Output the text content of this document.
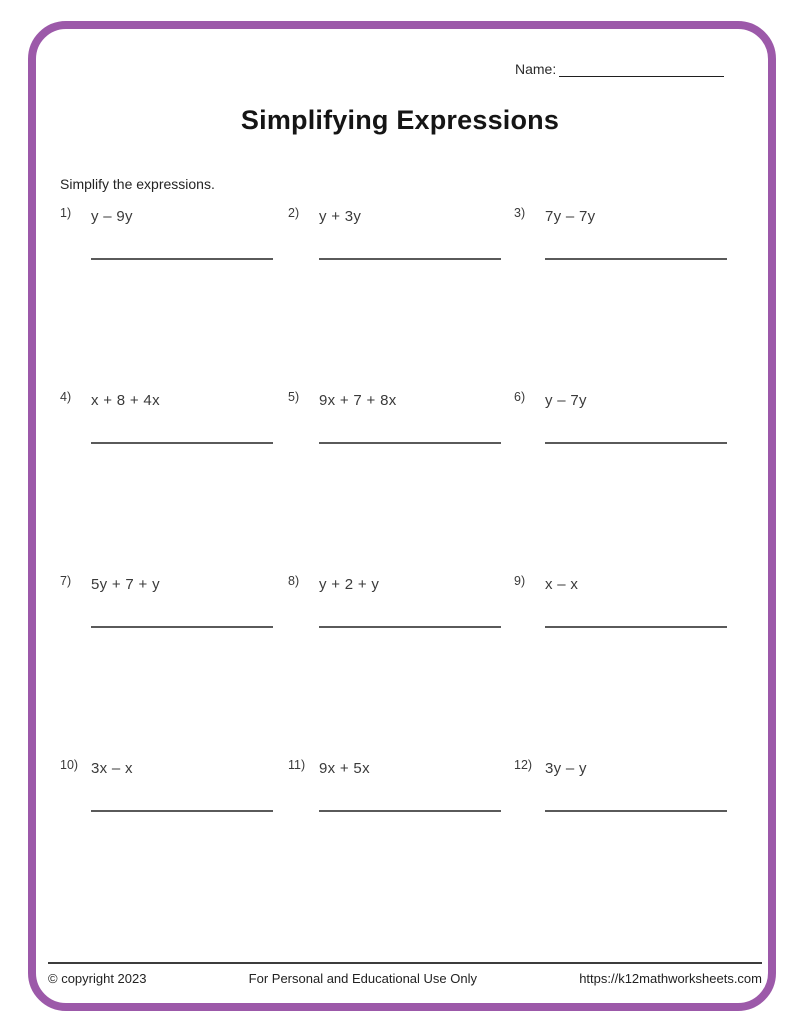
Name:
Simplifying Expressions
Simplify the expressions.
1)	y – 9y	2)	y + 3y	3)	7y – 7y
4)	x + 8 + 4x	5)	9x + 7 + 8x	6)	y – 7y
7)	5y + 7 + y	8)	y + 2 + y	9)	x – x
10) 3x – x	11) 9x + 5x	12) 3y – y
© copyright 2023	For Personal and Educational Use Only	https://k12mathworksheets.com
